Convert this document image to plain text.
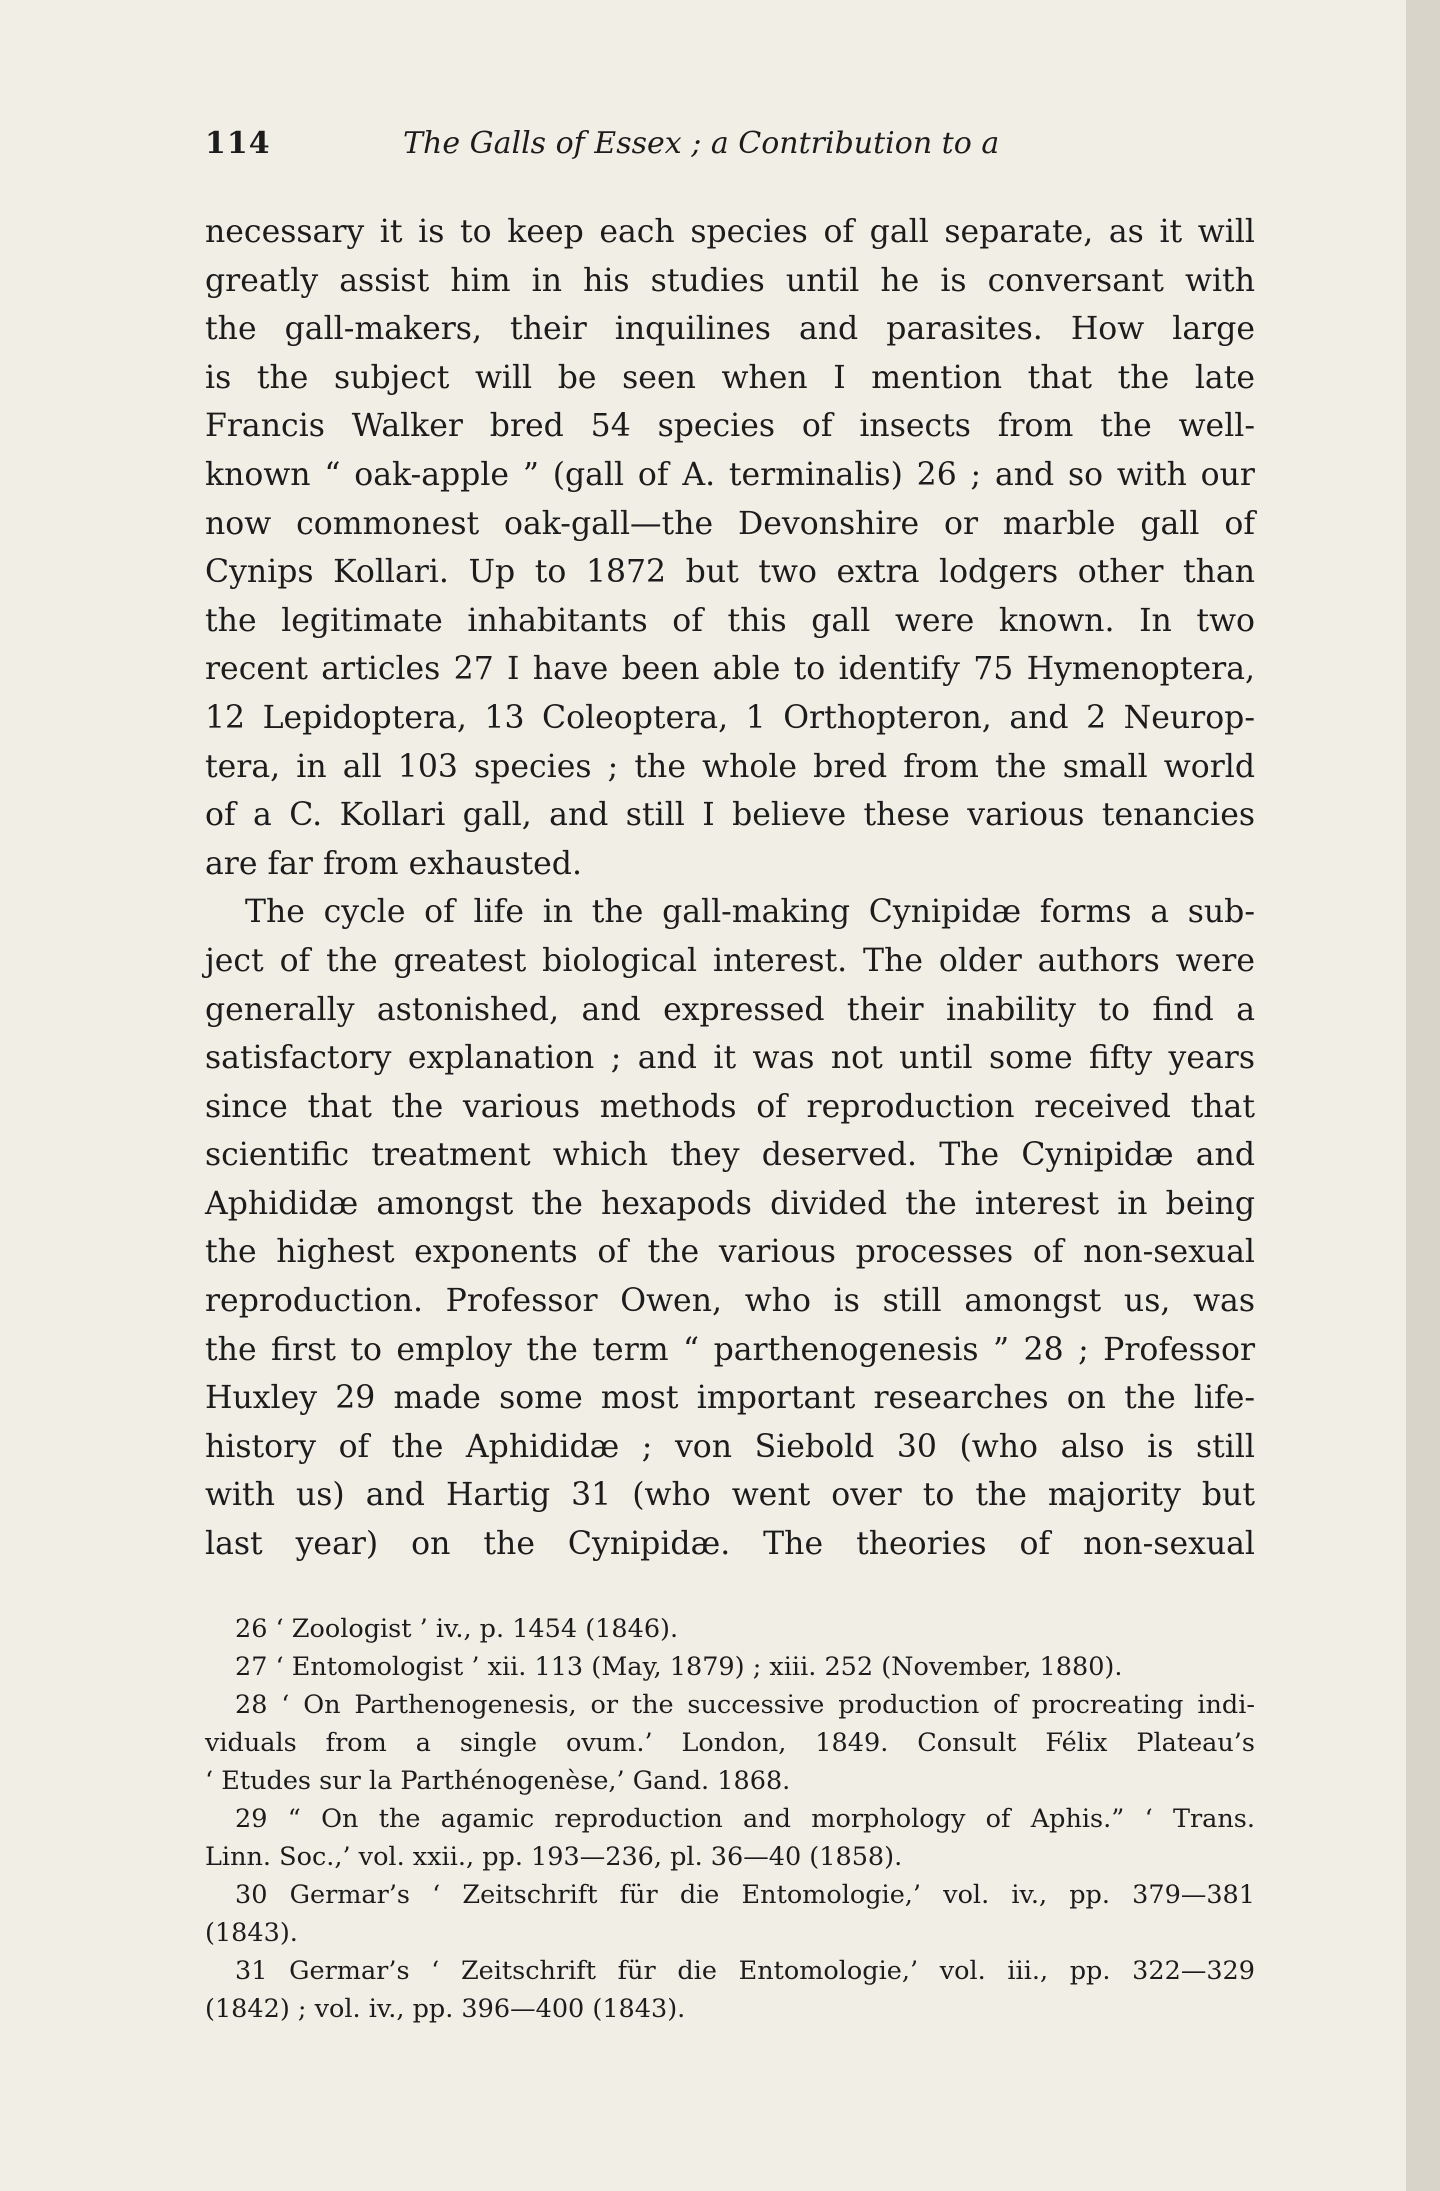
114	The Galls of Essex ; a Contribution to a
necessary it is to keep each species of gall separate, as it will
greatly assist him in his studies until he is conversant with
the gall-makers, their inquilines and parasites. How large
is the subject will be seen when I mention that the late
Francis Walker bred 54 species of insects from the well-
known “ oak-apple ” (gall of A. terminalis) 26 ; and so with our
now commonest oak-gall—the Devonshire or marble gall of
Cynips Kollari. Up to 1872 but two extra lodgers other than
the legitimate inhabitants of this gall were known. In two
recent articles 27 I have been able to identify 75 Hymenoptera,
12 Lepidoptera, 13 Coleoptera, 1 Orthopteron, and 2 Neurop-
tera, in all 103 species ; the whole bred from the small world
of a C. Kollari gall, and still I believe these various tenancies
are far from exhausted.
The cycle of life in the gall-making Cynipidæ forms a sub-
ject of the greatest biological interest. The older authors were
generally astonished, and expressed their inability to find a
satisfactory explanation ; and it was not until some fifty years
since that the various methods of reproduction received that
scientific treatment which they deserved. The Cynipidæ and
Aphididæ amongst the hexapods divided the interest in being
the highest exponents of the various processes of non-sexual
reproduction. Professor Owen, who is still amongst us, was
the first to employ the term “ parthenogenesis ” 28 ; Professor
Huxley 29 made some most important researches on the life-
history of the Aphididæ ; von Siebold 30 (who also is still
with us) and Hartig 31 (who went over to the majority but
last year) on the Cynipidæ. The theories of non-sexual
26 ‘ Zoologist ’ iv., p. 1454 (1846).
27 ‘ Entomologist ’ xii. 113 (May, 1879) ; xiii. 252 (November, 1880).
28 ‘ On Parthenogenesis, or the successive production of procreating indi-
viduals from a single ovum.’ London, 1849. Consult Félix Plateau’s
‘ Etudes sur la Parthénogenèse,’ Gand. 1868.
29 “ On the agamic reproduction and morphology of Aphis.” ‘ Trans.
Linn. Soc.,’ vol. xxii., pp. 193—236, pl. 36—40 (1858).
30 Germar’s ‘ Zeitschrift für die Entomologie,’ vol. iv., pp. 379—381
(1843).
31 Germar’s ‘ Zeitschrift für die Entomologie,’ vol. iii., pp. 322—329
(1842) ; vol. iv., pp. 396—400 (1843).
